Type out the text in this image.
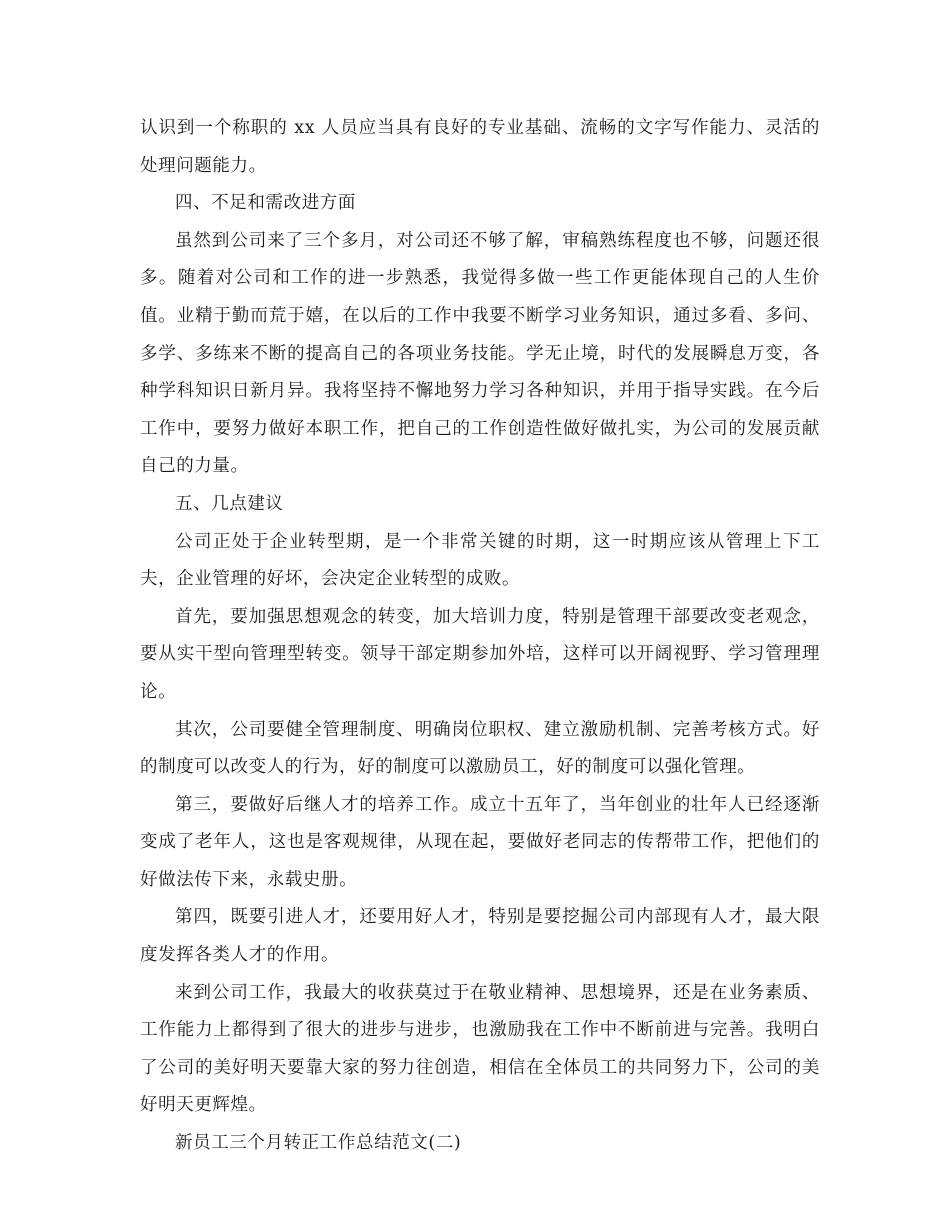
认识到一个称职的 xx 人员应当具有良好的专业基础、流畅的文字写作能力、灵活的处理问题能力。

四、不足和需改进方面

虽然到公司来了三个多月，对公司还不够了解，审稿熟练程度也不够，问题还很多。随着对公司和工作的进一步熟悉，我觉得多做一些工作更能体现自己的人生价值。业精于勤而荒于嬉，在以后的工作中我要不断学习业务知识，通过多看、多问、多学、多练来不断的提高自己的各项业务技能。学无止境，时代的发展瞬息万变，各种学科知识日新月异。我将坚持不懈地努力学习各种知识，并用于指导实践。在今后工作中，要努力做好本职工作，把自己的工作创造性做好做扎实，为公司的发展贡献自己的力量。

五、几点建议

公司正处于企业转型期，是一个非常关键的时期，这一时期应该从管理上下工夫，企业管理的好坏，会决定企业转型的成败。

首先，要加强思想观念的转变，加大培训力度，特别是管理干部要改变老观念，要从实干型向管理型转变。领导干部定期参加外培，这样可以开阔视野、学习管理理论。

其次，公司要健全管理制度、明确岗位职权、建立激励机制、完善考核方式。好的制度可以改变人的行为，好的制度可以激励员工，好的制度可以强化管理。

第三，要做好后继人才的培养工作。成立十五年了，当年创业的壮年人已经逐渐变成了老年人，这也是客观规律，从现在起，要做好老同志的传帮带工作，把他们的好做法传下来，永载史册。

第四，既要引进人才，还要用好人才，特别是要挖掘公司内部现有人才，最大限度发挥各类人才的作用。

来到公司工作，我最大的收获莫过于在敬业精神、思想境界，还是在业务素质、工作能力上都得到了很大的进步与进步，也激励我在工作中不断前进与完善。我明白了公司的美好明天要靠大家的努力往创造，相信在全体员工的共同努力下，公司的美好明天更辉煌。

新员工三个月转正工作总结范文(二)
